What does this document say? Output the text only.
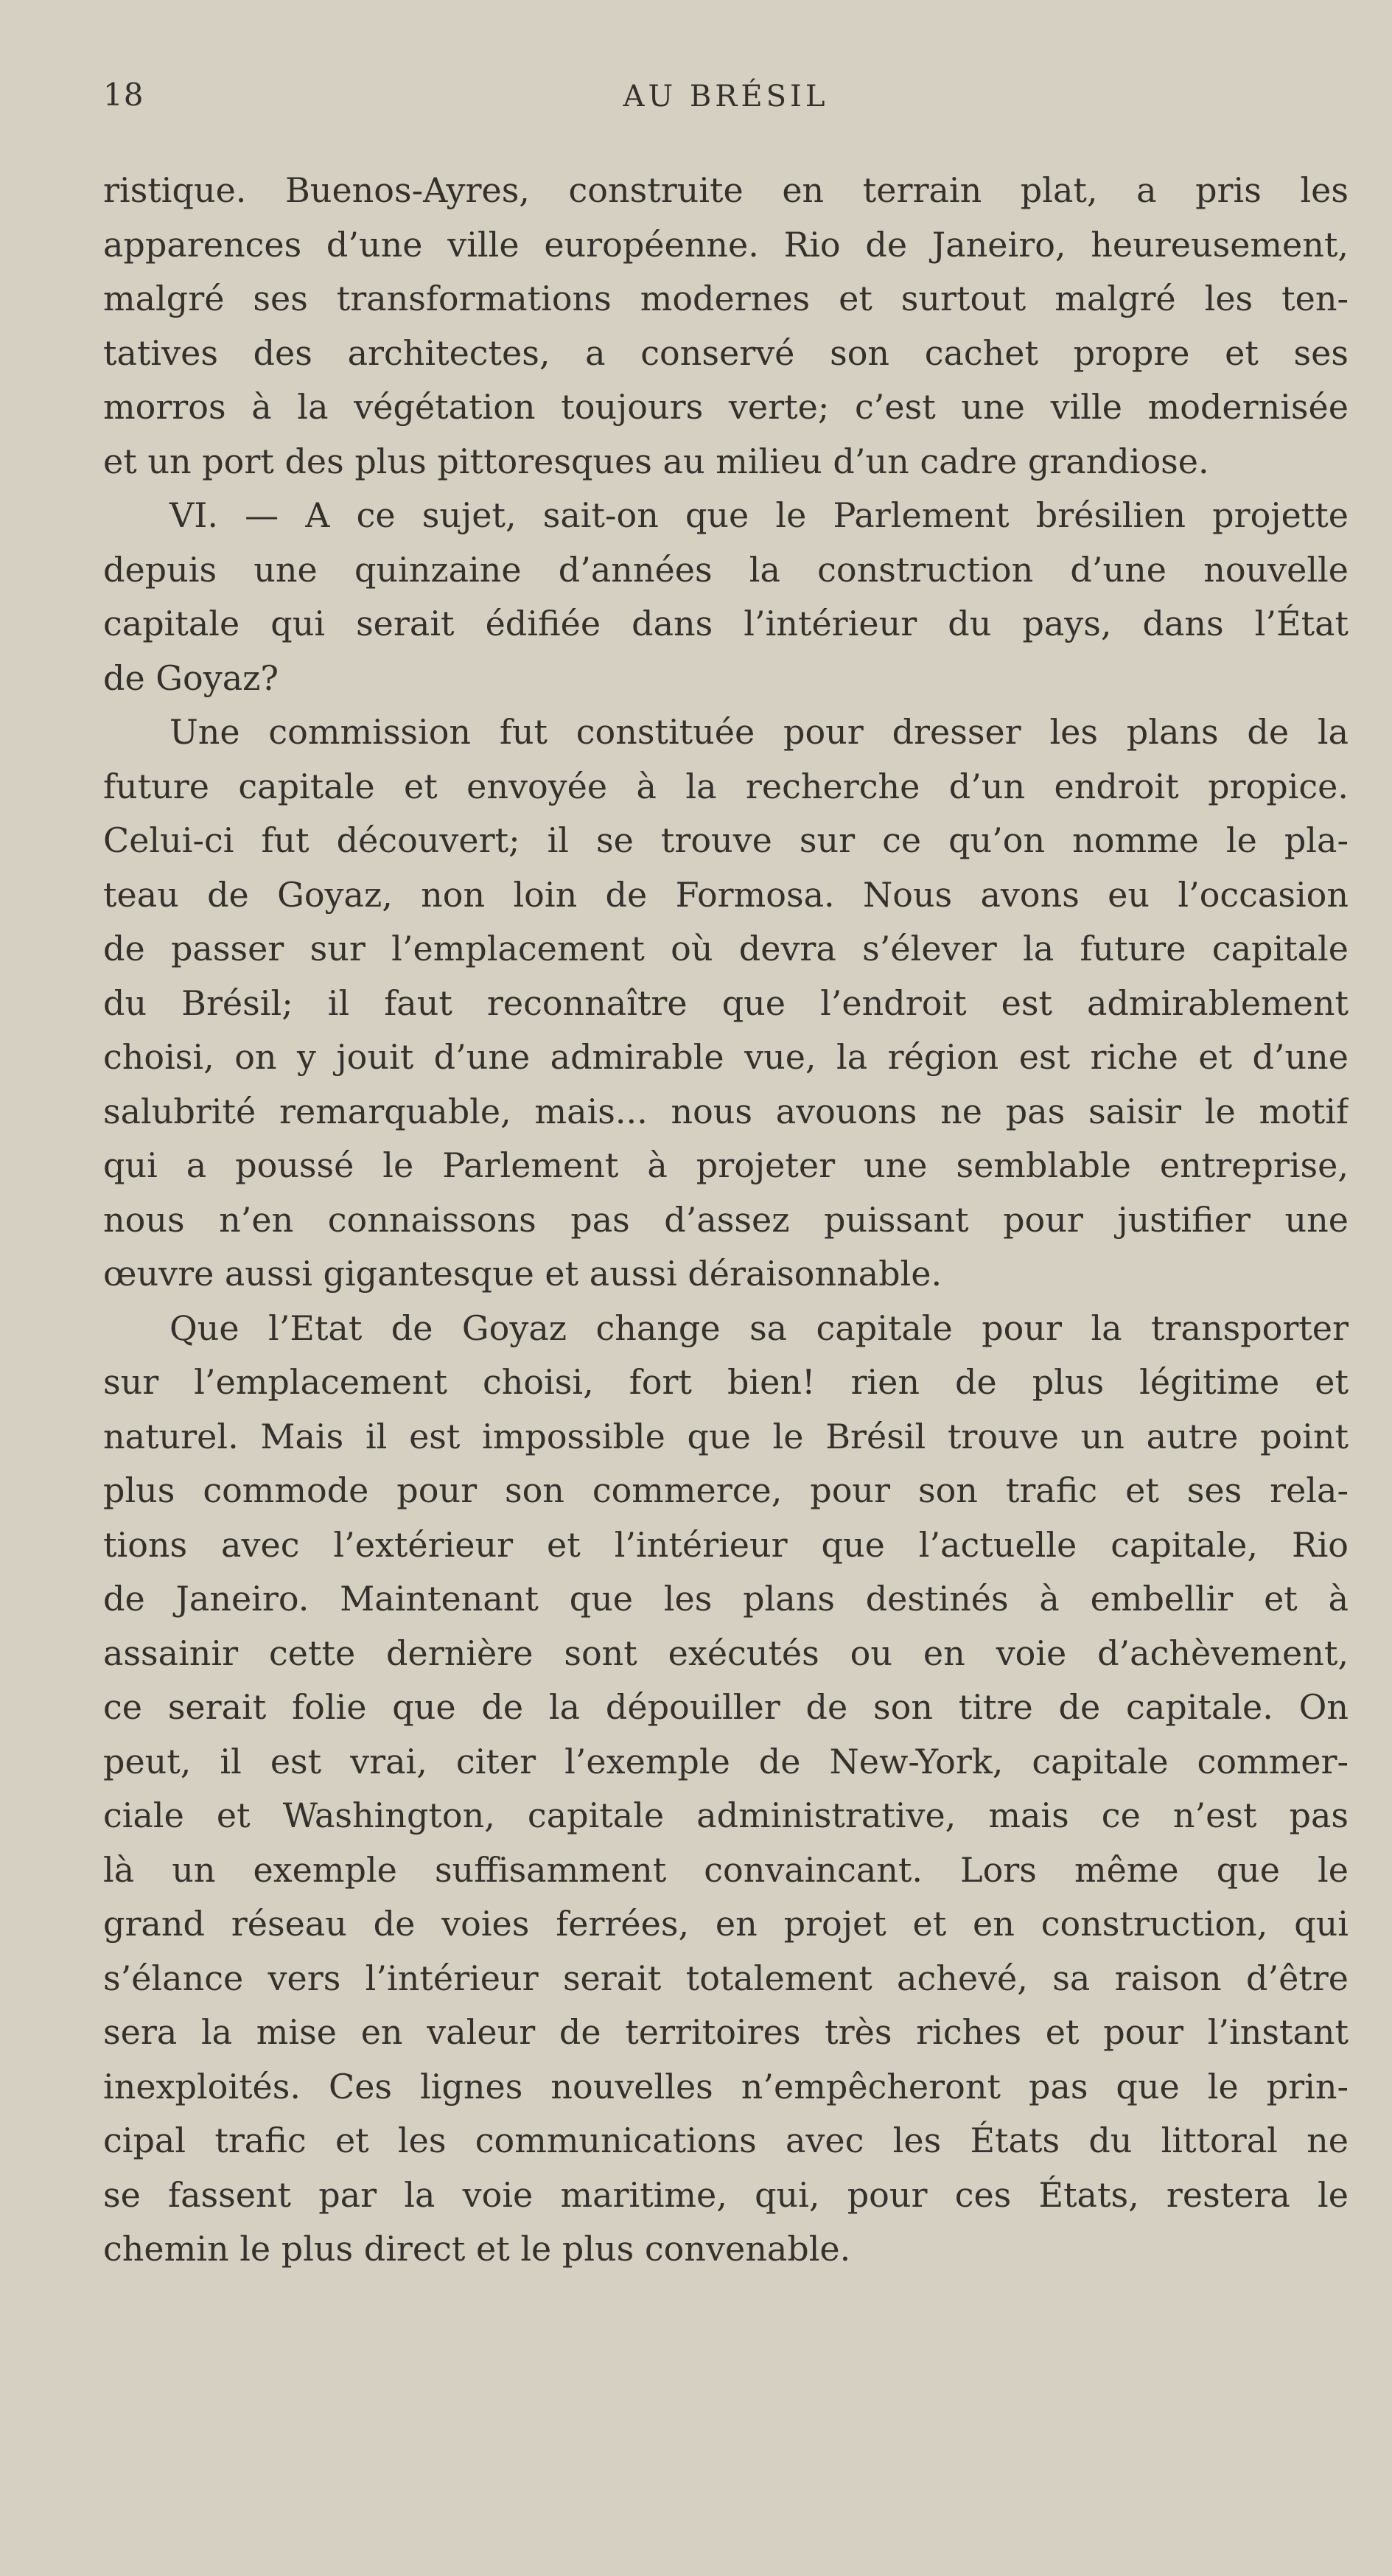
18	AU BRÉSIL
ristique. Buenos-Ayres, construite en terrain plat, a pris les
apparences d’une ville européenne. Rio de Janeiro, heureusement,
malgré ses transformations modernes et surtout malgré les ten-
tatives des architectes, a conservé son cachet propre et ses
morros à la végétation toujours verte; c’est une ville modernisée
et un port des plus pittoresques au milieu d’un cadre grandiose.
VI. — A ce sujet, sait-on que le Parlement brésilien projette
depuis une quinzaine d’années la construction d’une nouvelle
capitale qui serait édifiée dans l’intérieur du pays, dans l’État
de Goyaz?
Une commission fut constituée pour dresser les plans de la
future capitale et envoyée à la recherche d’un endroit propice.
Celui-ci fut découvert; il se trouve sur ce qu’on nomme le pla-
teau de Goyaz, non loin de Formosa. Nous avons eu l’occasion
de passer sur l’emplacement où devra s’élever la future capitale
du Brésil; il faut reconnaître que l’endroit est admirablement
choisi, on y jouit d’une admirable vue, la région est riche et d’une
salubrité remarquable, mais... nous avouons ne pas saisir le motif
qui a poussé le Parlement à projeter une semblable entreprise,
nous n’en connaissons pas d’assez puissant pour justifier une
œuvre aussi gigantesque et aussi déraisonnable.
Que l’Etat de Goyaz change sa capitale pour la transporter
sur l’emplacement choisi, fort bien! rien de plus légitime et
naturel. Mais il est impossible que le Brésil trouve un autre point
plus commode pour son commerce, pour son trafic et ses rela-
tions avec l’extérieur et l’intérieur que l’actuelle capitale, Rio
de Janeiro. Maintenant que les plans destinés à embellir et à
assainir cette dernière sont exécutés ou en voie d’achèvement,
ce serait folie que de la dépouiller de son titre de capitale. On
peut, il est vrai, citer l’exemple de New-York, capitale commer-
ciale et Washington, capitale administrative, mais ce n’est pas
là un exemple suffisamment convaincant. Lors même que le
grand réseau de voies ferrées, en projet et en construction, qui
s’élance vers l’intérieur serait totalement achevé, sa raison d’être
sera la mise en valeur de territoires très riches et pour l’instant
inexploités. Ces lignes nouvelles n’empêcheront pas que le prin-
cipal trafic et les communications avec les États du littoral ne
se fassent par la voie maritime, qui, pour ces États, restera le
chemin le plus direct et le plus convenable.
